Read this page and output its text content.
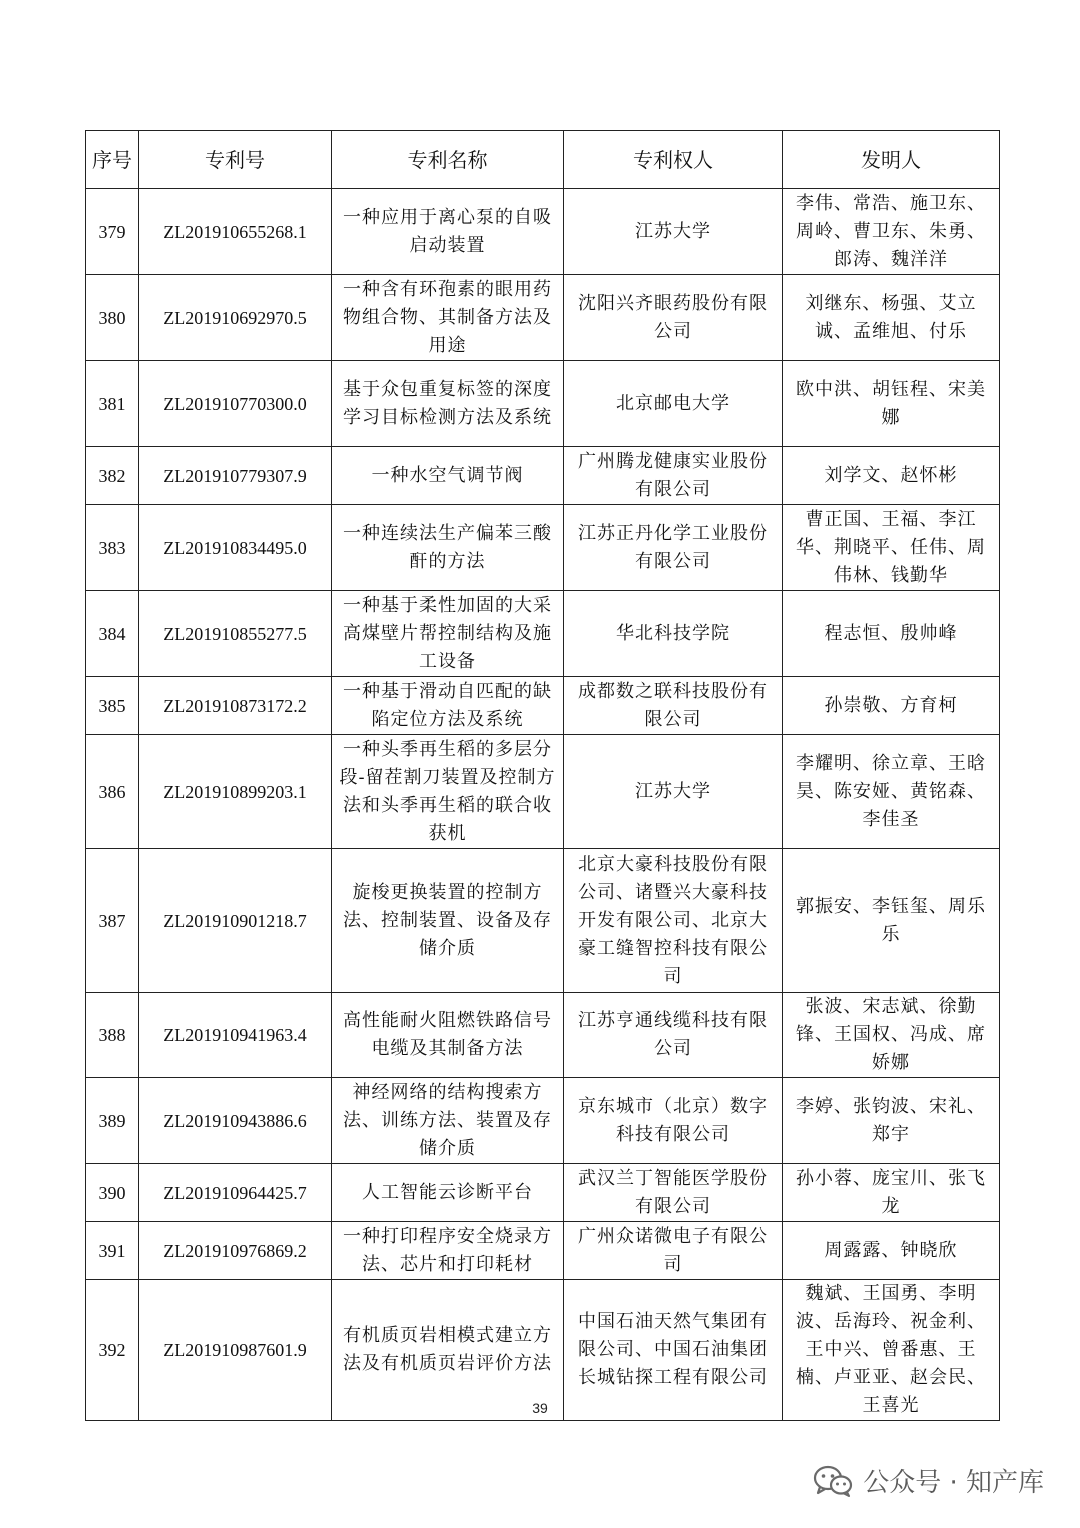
序号	专利号	专利名称	专利权人	发明人
379	ZL201910655268.1	一种应用于离心泵的自吸启动装置	江苏大学	李伟、常浩、施卫东、周岭、曹卫东、朱勇、郎涛、魏洋洋
380	ZL201910692970.5	一种含有环孢素的眼用药物组合物、其制备方法及用途	沈阳兴齐眼药股份有限公司	刘继东、杨强、艾立诚、孟维旭、付乐
381	ZL201910770300.0	基于众包重复标签的深度学习目标检测方法及系统	北京邮电大学	欧中洪、胡钰程、宋美娜
382	ZL201910779307.9	一种水空气调节阀	广州腾龙健康实业股份有限公司	刘学文、赵怀彬
383	ZL201910834495.0	一种连续法生产偏苯三酸酐的方法	江苏正丹化学工业股份有限公司	曹正国、王福、李江华、荆晓平、任伟、周伟林、钱勤华
384	ZL201910855277.5	一种基于柔性加固的大采高煤壁片帮控制结构及施工设备	华北科技学院	程志恒、殷帅峰
385	ZL201910873172.2	一种基于滑动自匹配的缺陷定位方法及系统	成都数之联科技股份有限公司	孙崇敬、方育柯
386	ZL201910899203.1	一种头季再生稻的多层分段-留茬割刀装置及控制方法和头季再生稻的联合收获机	江苏大学	李耀明、徐立章、王晗昊、陈安娅、黄铭森、李佳圣
387	ZL201910901218.7	旋梭更换装置的控制方法、控制装置、设备及存储介质	北京大豪科技股份有限公司、诸暨兴大豪科技开发有限公司、北京大豪工缝智控科技有限公司	郭振安、李钰玺、周乐乐
388	ZL201910941963.4	高性能耐火阻燃铁路信号电缆及其制备方法	江苏亨通线缆科技有限公司	张波、宋志斌、徐勤锋、王国权、冯成、席娇娜
389	ZL201910943886.6	神经网络的结构搜索方法、训练方法、装置及存储介质	京东城市（北京）数字科技有限公司	李婷、张钧波、宋礼、郑宇
390	ZL201910964425.7	人工智能云诊断平台	武汉兰丁智能医学股份有限公司	孙小蓉、庞宝川、张飞龙
391	ZL201910976869.2	一种打印程序安全烧录方法、芯片和打印耗材	广州众诺微电子有限公司	周露露、钟晓欣
392	ZL201910987601.9	有机质页岩相模式建立方法及有机质页岩评价方法	中国石油天然气集团有限公司、中国石油集团长城钻探工程有限公司	魏斌、王国勇、李明波、岳海玲、祝金利、王中兴、曾番惠、王楠、卢亚亚、赵会民、王喜光
39
公众号 · 知产库
